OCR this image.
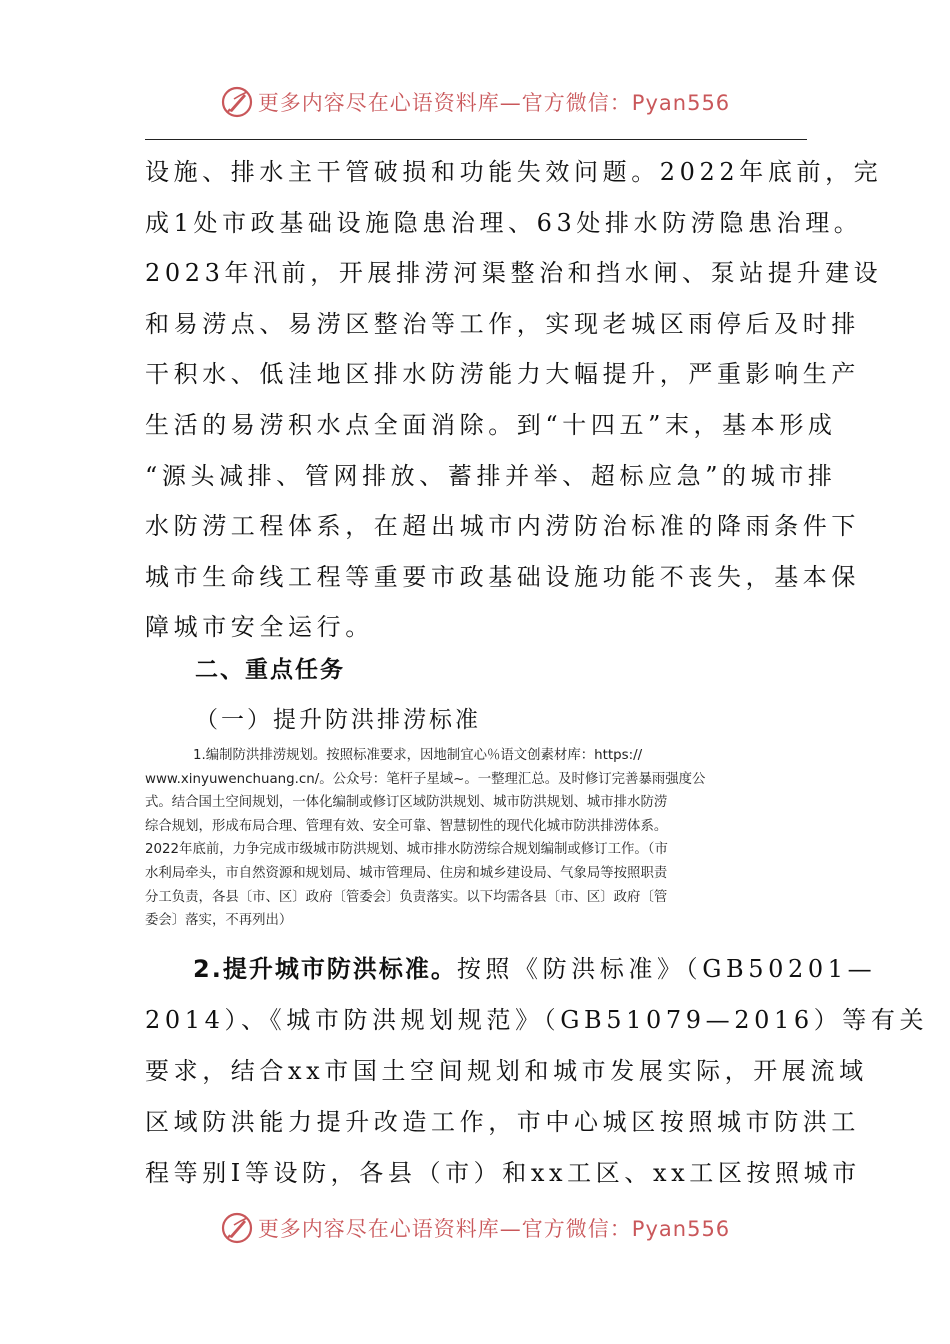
更多内容尽在心语资料库—官方微信：Pyan556
设施、排水主干管破损和功能失效问题。2022年底前，完
成1处市政基础设施隐患治理、63处排水防涝隐患治理。
2023年汛前，开展排涝河渠整治和挡水闸、泵站提升建设
和易涝点、易涝区整治等工作，实现老城区雨停后及时排
干积水、低洼地区排水防涝能力大幅提升，严重影响生产
生活的易涝积水点全面消除。到“十四五”末，基本形成
“源头减排、管网排放、蓄排并举、超标应急”的城市排
水防涝工程体系，在超出城市内涝防治标准的降雨条件下
城市生命线工程等重要市政基础设施功能不丧失，基本保
障城市安全运行。
二、重点任务
（一）提升防洪排涝标准
1.编制防洪排涝规划。按照标准要求，因地制宜心％语文创素材库：https://
www.xinyuwenchuang.cn/。公众号：笔杆子星域~。一整理汇总。及时修订完善暴雨强度公
式。结合国土空间规划，一体化编制或修订区域防洪规划、城市防洪规划、城市排水防涝
综合规划，形成布局合理、管理有效、安全可靠、智慧韧性的现代化城市防洪排涝体系。
2022年底前，力争完成市级城市防洪规划、城市排水防涝综合规划编制或修订工作。（市
水利局牵头，市自然资源和规划局、城市管理局、住房和城乡建设局、气象局等按照职责
分工负责，各县〔市、区〕政府〔管委会〕负责落实。以下均需各县〔市、区〕政府〔管
委会〕落实，不再列出）
2.提升城市防洪标准。按照《防洪标准》（GB50201—
2014）、《城市防洪规划规范》（GB51079—2016）等有关
要求，结合xx市国土空间规划和城市发展实际，开展流域
区域防洪能力提升改造工作，市中心城区按照城市防洪工
程等别Ⅰ等设防，各县（市）和xx工区、xx工区按照城市
更多内容尽在心语资料库—官方微信：Pyan556
